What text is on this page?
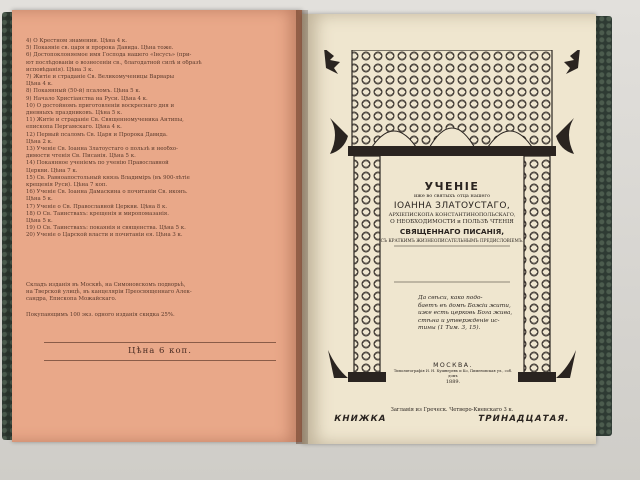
4) О Крестном знамении. Цѣна 4 к.
5) Покаяніе св. царя и пророка Давида. Цѣна тоже.
6) Достопоклоняемое имя Господа нашего «Інсусъ» (при-
ют послѣдованіи о вознесеніи св., благодатной силѣ и образѣ
исповѣданія). Цѣна 3 к.
7) Житіе и страданіе Св. Великомученицы Варвары
Цѣна 4 к.
8) Покаянный (50-й) псаломъ. Цѣна 5 к.
9) Начало Христіанства на Руси. Цѣна 4 к.
10) О достойномъ приготовленіи воскреснаго дня и
дневныхъ праздниковъ. Цѣна 5 к.
11) Житіе и страданіе Св. Священномученика Антипы,
епископа Пергамскаго. Цѣна 4 к.
12) Первый псаломъ Св. Царя и Пророка Давида.
Цѣна 2 к.
13) Ученіе Св. Іоанна Златоустаго о пользѣ и необхо-
димости чтенія Св. Писанія. Цѣна 5 к.
14) Покаянное ученіемъ по ученію Православной
Церкви. Цѣна 7 к.
15) Св. Равноапостольный князь Владиміръ (въ 900-лѣтіе
крещенія Руси). Цѣна 7 коп.
16) Ученіе Св. Іоанна Дамаскина о почитаніи Св. иконъ.
Цѣна 5 к.
17) Ученіе о Св. Православной Церкви. Цѣна 8 к.
18) О Св. Таинствахъ: крещенія и миропомазанія.
Цѣна 5 к.
19) О Св. Таинствахъ: покаянія и священства. Цѣна 5 к.
20) Ученіе о Царской власти и почитаніи ея. Цѣна 3 к.
Складъ изданія въ Москвѣ, на Симоновскомъ подворьѣ,
на Тверской улицѣ, въ канцеляріи Преосвященнаго Алек-
сандра, Епископа Можайскаго.
Покупающимъ 100 экз. одного изданія скидка 25%.
Цѣна 6 коп.
УЧЕНІЕ
иже во святыхъ отца нашего
ІОАННА ЗЛАТОУСТАГО,
АРХІЕПИСКОПА КОНСТАНТИНОПОЛЬСКАГО,
О НЕОБХОДИМОСТИ и ПОЛЬЗѢ ЧТЕНІЯ
СВЯЩЕННАГО ПИСАНІЯ,
СЪ КРАТКИМЪ ЖИЗНЕОПИСАТЕЛЬНЫМЪ ПРЕДИСЛОВІЕМЪ.
Да свѣси, како подо-
баетъ въ домѣ Божіи жити,
иже есть церковь Бога живa,
стѣна и утвержденіе ис-
тины (1 Тим. 3, 15).
МОСКВА.
Типолитографія И. Н. Кушнеревъ и Ко, Пименовская ул., соб. домъ
1889.
Заглавія из Греческ. Четверо-Киевскаго 3 к.
КНИЖКА	ТРИНАДЦАТАЯ.
